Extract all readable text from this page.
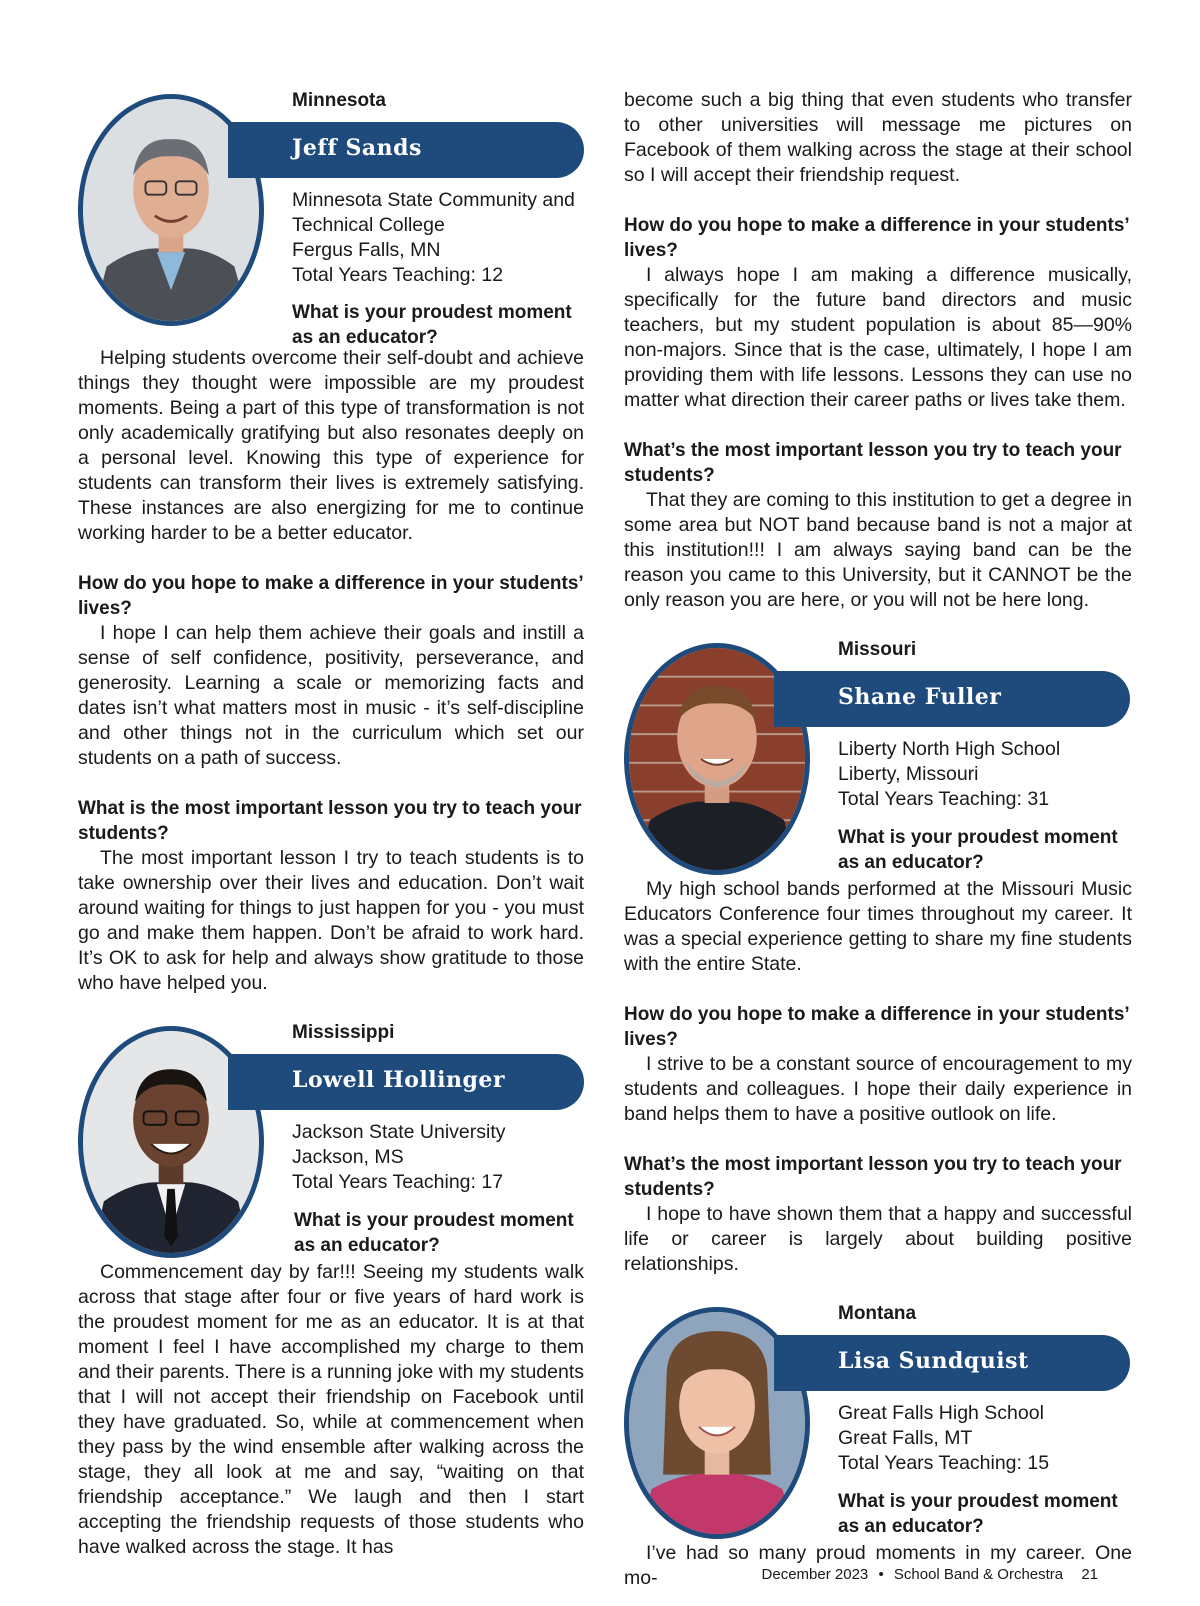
Minnesota
Jeff Sands
Minnesota State Community and
Technical College
Fergus Falls, MN
Total Years Teaching: 12
What is your proudest moment as an educator?

Helping students overcome their self-doubt and achieve things they thought were impossible are my proudest moments. Being a part of this type of transformation is not only academically gratifying but also resonates deeply on a personal level. Knowing this type of experience for students can transform their lives is extremely satisfying. These instances are also energizing for me to continue working harder to be a better educator.

How do you hope to make a difference in your students’ lives?

I hope I can help them achieve their goals and instill a sense of self confidence, positivity, perseverance, and generosity. Learning a scale or memorizing facts and dates isn’t what matters most in music - it’s self-discipline and other things not in the curriculum which set our students on a path of success.

What is the most important lesson you try to teach your students?

The most important lesson I try to teach students is to take ownership over their lives and education. Don’t wait around waiting for things to just happen for you - you must go and make them happen. Don’t be afraid to work hard. It’s OK to ask for help and always show gratitude to those who have helped you.

Mississippi
Lowell Hollinger
Jackson State University
Jackson, MS
Total Years Teaching: 17
What is your proudest moment as an educator?

Commencement day by far!!! Seeing my students walk across that stage after four or five years of hard work is the proudest moment for me as an educator. It is at that moment I feel I have accomplished my charge to them and their parents. There is a running joke with my students that I will not accept their friendship on Facebook until they have graduated. So, while at commencement when they pass by the wind ensemble after walking across the stage, they all look at me and say, “waiting on that friendship acceptance.” We laugh and then I start accepting the friendship requests of those students who have walked across the stage. It has

become such a big thing that even students who transfer to other universities will message me pictures on Facebook of them walking across the stage at their school so I will accept their friendship request.

How do you hope to make a difference in your students’ lives?

I always hope I am making a difference musically, specifically for the future band directors and music teachers, but my student population is about 85—90% non-majors. Since that is the case, ultimately, I hope I am providing them with life lessons. Lessons they can use no matter what direction their career paths or lives take them.

What’s the most important lesson you try to teach your students?

That they are coming to this institution to get a degree in some area but NOT band because band is not a major at this institution!!! I am always saying band can be the reason you came to this University, but it CANNOT be the only reason you are here, or you will not be here long.

Missouri
Shane Fuller
Liberty North High School
Liberty, Missouri
Total Years Teaching: 31
What is your proudest moment as an educator?

My high school bands performed at the Missouri Music Educators Conference four times throughout my career. It was a special experience getting to share my fine students with the entire State.

How do you hope to make a difference in your students’ lives?

I strive to be a constant source of encouragement to my students and colleagues. I hope their daily experience in band helps them to have a positive outlook on life.

What’s the most important lesson you try to teach your students?

I hope to have shown them that a happy and successful life or career is largely about building positive relationships.

Montana
Lisa Sundquist
Great Falls High School
Great Falls, MT
Total Years Teaching: 15
What is your proudest moment as an educator?

I’ve had so many proud moments in my career. One mo-	December 2023 • School Band & Orchestra 21
